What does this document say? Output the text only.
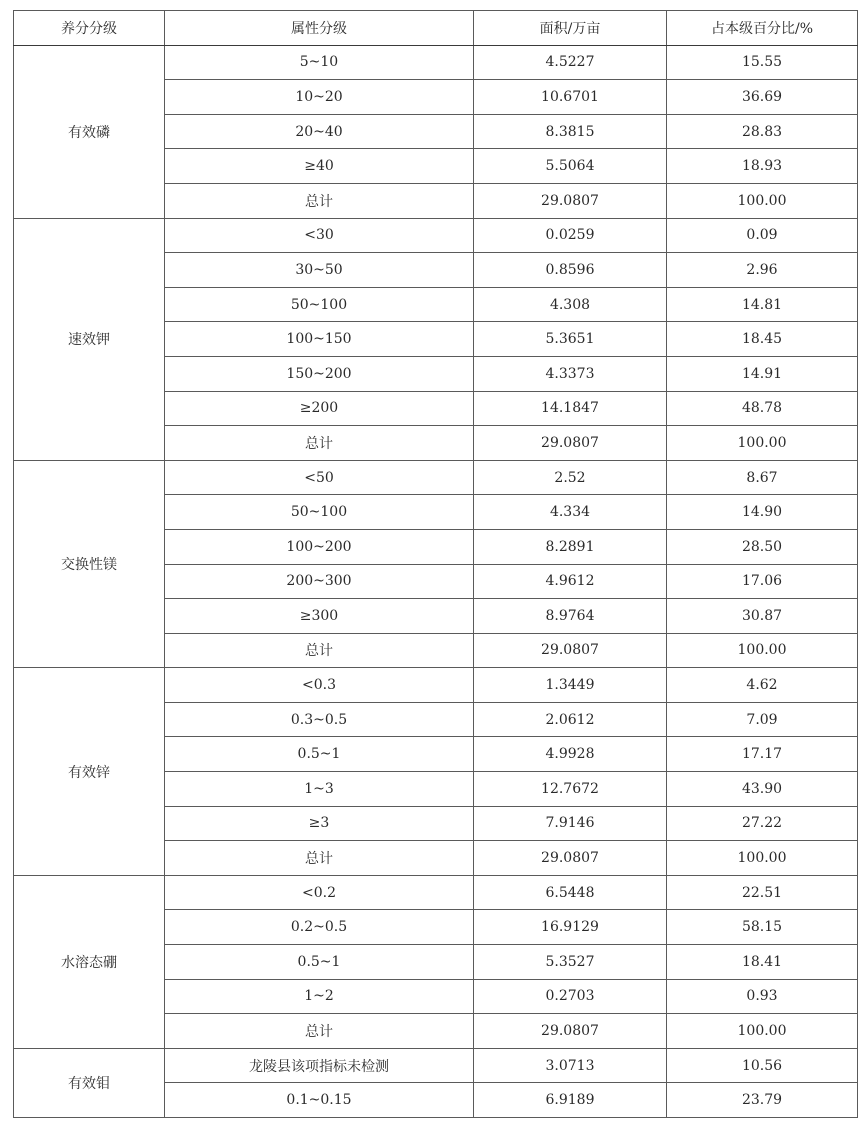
养分分级	属性分级	面积/万亩	占本级百分比/%
有效磷	5~10	4.5227	15.55
	10~20	10.6701	36.69
	20~40	8.3815	28.83
	≥40	5.5064	18.93
	总计	29.0807	100.00
速效钾	<30	0.0259	0.09
	30~50	0.8596	2.96
	50~100	4.308	14.81
	100~150	5.3651	18.45
	150~200	4.3373	14.91
	≥200	14.1847	48.78
	总计	29.0807	100.00
交换性镁	<50	2.52	8.67
	50~100	4.334	14.90
	100~200	8.2891	28.50
	200~300	4.9612	17.06
	≥300	8.9764	30.87
	总计	29.0807	100.00
有效锌	<0.3	1.3449	4.62
	0.3~0.5	2.0612	7.09
	0.5~1	4.9928	17.17
	1~3	12.7672	43.90
	≥3	7.9146	27.22
	总计	29.0807	100.00
水溶态硼	<0.2	6.5448	22.51
	0.2~0.5	16.9129	58.15
	0.5~1	5.3527	18.41
	1~2	0.2703	0.93
	总计	29.0807	100.00
有效钼	龙陵县该项指标未检测	3.0713	10.56
	0.1~0.15	6.9189	23.79
